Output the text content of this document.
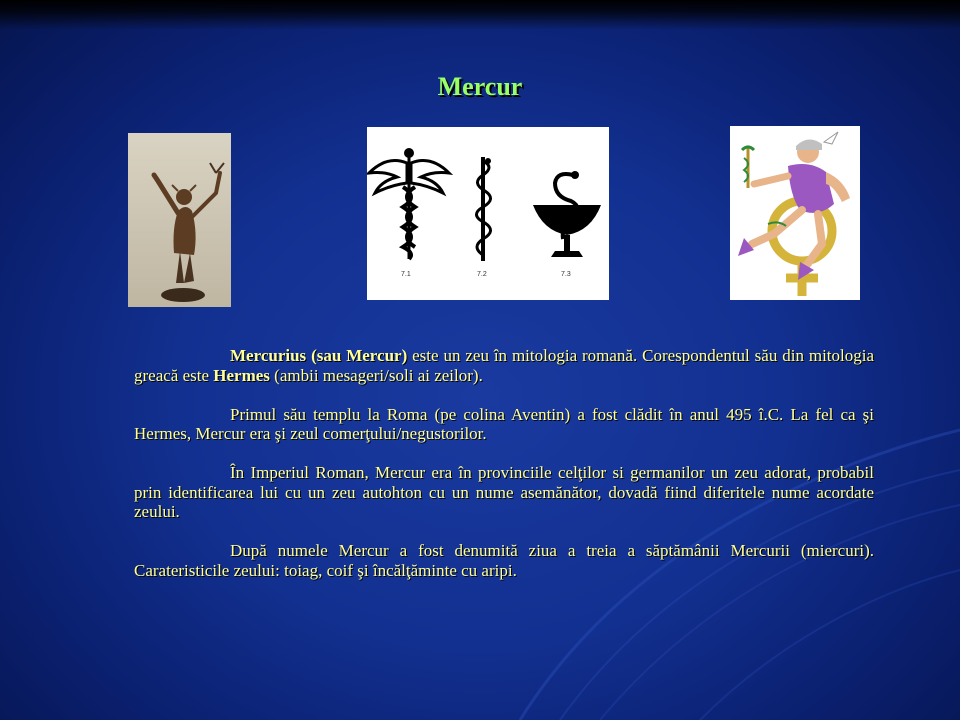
Mercur
7.1	7.2	7.3

Mercurius (sau Mercur) este un zeu în mitologia romană. Corespondentul său din mitologia greacă este Hermes (ambii mesageri/soli ai zeilor).

Primul său templu la Roma (pe colina Aventin) a fost clădit în anul 495 î.C. La fel ca şi Hermes, Mercur era şi zeul comerţului/negustorilor.

În Imperiul Roman, Mercur era în provinciile celţilor si germanilor un zeu adorat, probabil prin identificarea lui cu un zeu autohton cu un nume asemănător, dovadă fiind diferitele nume acordate zeului.

După numele Mercur a fost denumită ziua a treia a săptămânii Mercurii (miercuri). Carateristicile zeului: toiag, coif şi încălţăminte cu aripi.
